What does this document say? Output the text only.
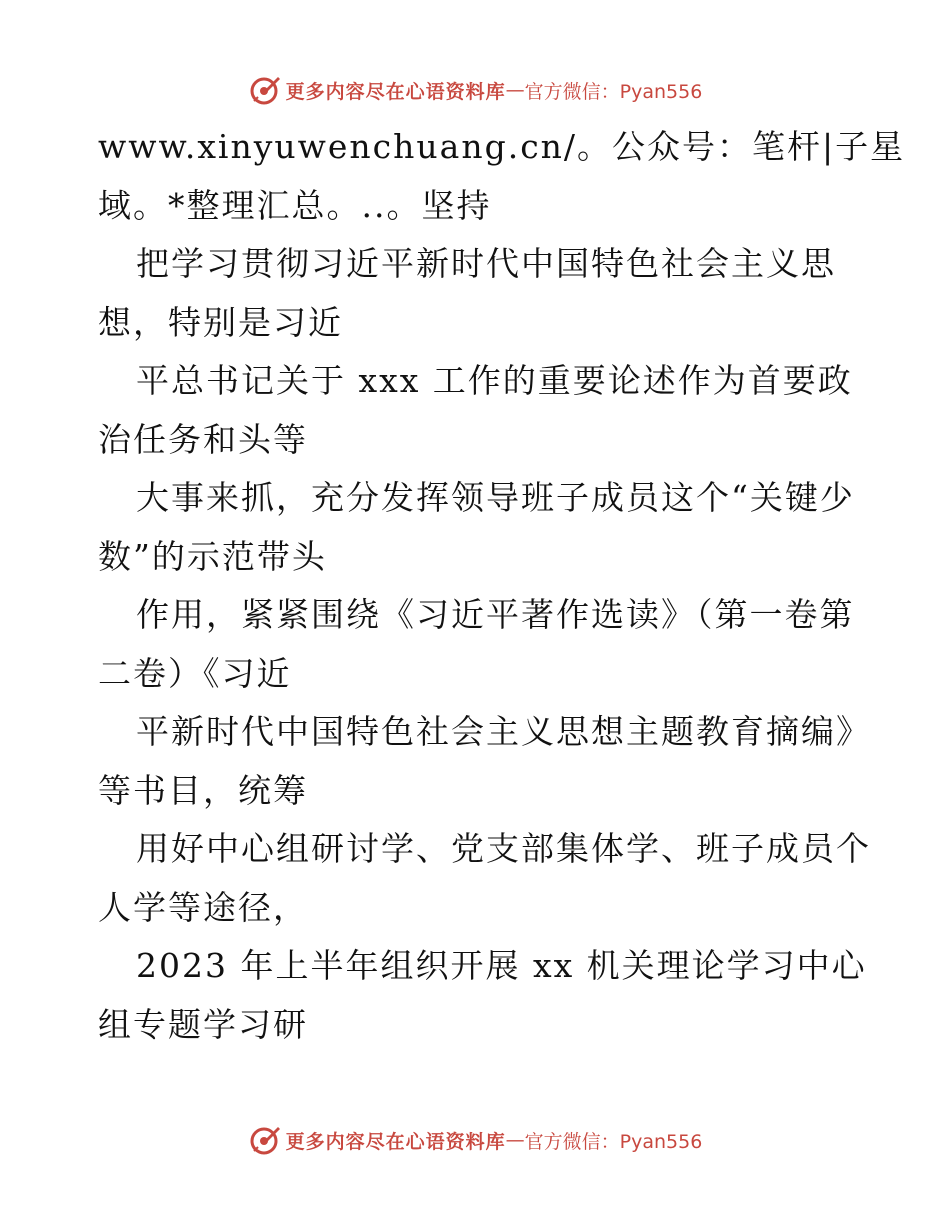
更多内容尽在心语资料库 — 官方微信：Pyan556
www.xinyuwenchuang.cn/。公众号：笔杆|子星
域。*整理汇总。..。坚持
把学习贯彻习近平新时代中国特色社会主义思
想，特别是习近
平总书记关于 xxx 工作的重要论述作为首要政
治任务和头等
大事来抓，充分发挥领导班子成员这个“关键少
数”的示范带头
作用，紧紧围绕《习近平著作选读》（第一卷第
二卷）《习近
平新时代中国特色社会主义思想主题教育摘编》
等书目，统筹
用好中心组研讨学、党支部集体学、班子成员个
人学等途径，
2023 年上半年组织开展 xx 机关理论学习中心
组专题学习研
更多内容尽在心语资料库 — 官方微信：Pyan556
